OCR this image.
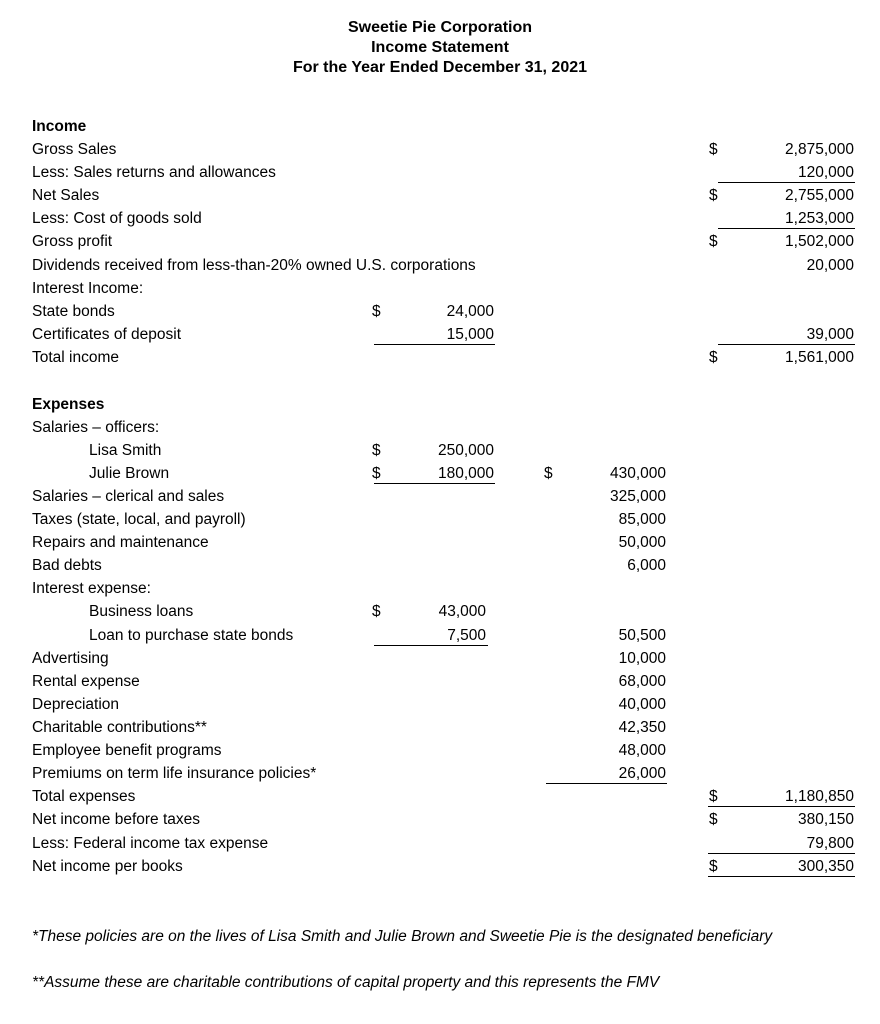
Sweetie Pie Corporation
Income Statement
For the Year Ended December 31, 2021
Income
Gross Sales	$	2,875,000
Less: Sales returns and allowances	120,000
Net Sales	$	2,755,000
Less: Cost of goods sold	1,253,000
Gross profit	$	1,502,000
Dividends received from less-than-20% owned U.S. corporations	20,000
Interest Income:
State bonds	$	24,000
Certificates of deposit	15,000	39,000
Total income	$	1,561,000
Expenses
Salaries – officers:
Lisa Smith	$	250,000
Julie Brown	$	180,000	$	430,000
Salaries – clerical and sales	325,000
Taxes (state, local, and payroll)	85,000
Repairs and maintenance	50,000
Bad debts	6,000
Interest expense:
Business loans	$	43,000
Loan to purchase state bonds	7,500	50,500
Advertising	10,000
Rental expense	68,000
Depreciation	40,000
Charitable contributions**	42,350
Employee benefit programs	48,000
Premiums on term life insurance policies*	26,000
Total expenses	$	1,180,850
Net income before taxes	$	380,150
Less: Federal income tax expense	79,800
Net income per books	$	300,350
*These policies are on the lives of Lisa Smith and Julie Brown and Sweetie Pie is the designated beneficiary
**Assume these are charitable contributions of capital property and this represents the FMV
